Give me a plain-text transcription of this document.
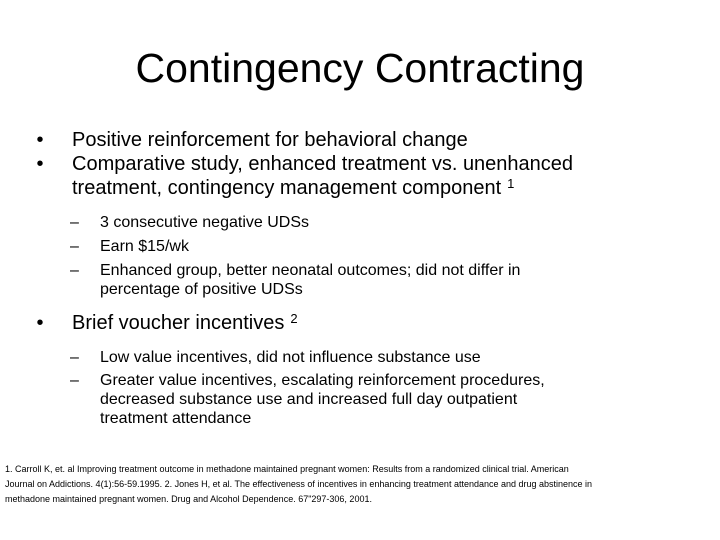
Contingency Contracting
•	Positive reinforcement for behavioral change
•	Comparative study, enhanced treatment vs. unenhanced
treatment, contingency management component $^1$
– 3 consecutive negative UDSs
– Earn $15/wk
– Enhanced group, better neonatal outcomes; did not differ in
percentage of positive UDSs
•	Brief voucher incentives $^2$
– Low value incentives, did not influence substance use
– Greater value incentives, escalating reinforcement procedures,
decreased substance use and increased full day outpatient
treatment attendance
1. Carroll K, et. al Improving treatment outcome in methadone maintained pregnant women: Results from a randomized clinical trial. American
Journal on Addictions. 4(1):56-59.1995. 2. Jones H, et al. The effectiveness of incentives in enhancing treatment attendance and drug abstinence in
methadone maintained pregnant women. Drug and Alcohol Dependence. 67"297-306, 2001.
